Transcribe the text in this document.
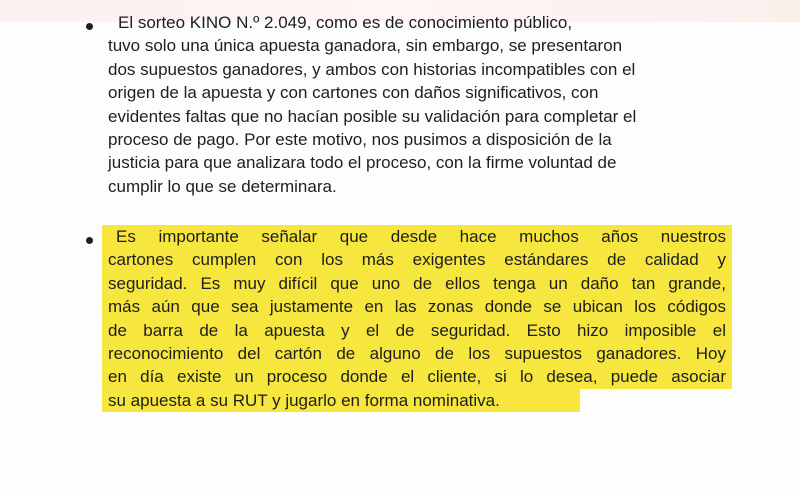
El sorteo KINO N.º 2.049, como es de conocimiento público,
tuvo solo una única apuesta ganadora, sin embargo, se presentaron
dos supuestos ganadores, y ambos con historias incompatibles con el
origen de la apuesta y con cartones con daños significativos, con
evidentes faltas que no hacían posible su validación para completar el
proceso de pago. Por este motivo, nos pusimos a disposición de la
justicia para que analizara todo el proceso, con la firme voluntad de
cumplir lo que se determinara.
Es importante señalar que desde hace muchos años nuestros
cartones cumplen con los más exigentes estándares de calidad y
seguridad. Es muy difícil que uno de ellos tenga un daño tan grande,
más aún que sea justamente en las zonas donde se ubican los códigos
de barra de la apuesta y el de seguridad. Esto hizo imposible el
reconocimiento del cartón de alguno de los supuestos ganadores. Hoy
en día existe un proceso donde el cliente, si lo desea, puede asociar
su apuesta a su RUT y jugarlo en forma nominativa.
